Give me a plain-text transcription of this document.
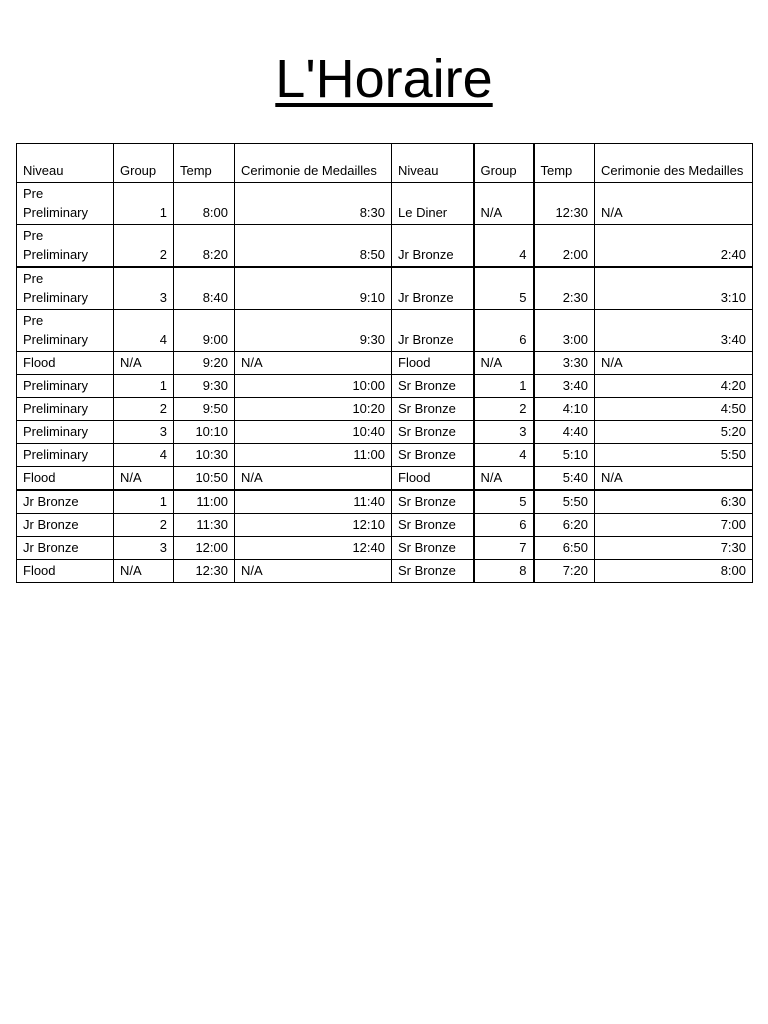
L'Horaire
Niveau	Group	Temp	Cerimonie de Medailles	Niveau	Group	Temp	Cerimonie des Medailles
Pre Preliminary	1	8:00	8:30	Le Diner	N/A	12:30	N/A
Pre Preliminary	2	8:20	8:50	Jr Bronze	4	2:00	2:40
Pre Preliminary	3	8:40	9:10	Jr Bronze	5	2:30	3:10
Pre Preliminary	4	9:00	9:30	Jr Bronze	6	3:00	3:40
Flood	N/A	9:20	N/A	Flood	N/A	3:30	N/A
Preliminary	1	9:30	10:00	Sr Bronze	1	3:40	4:20
Preliminary	2	9:50	10:20	Sr Bronze	2	4:10	4:50
Preliminary	3	10:10	10:40	Sr Bronze	3	4:40	5:20
Preliminary	4	10:30	11:00	Sr Bronze	4	5:10	5:50
Flood	N/A	10:50	N/A	Flood	N/A	5:40	N/A
Jr Bronze	1	11:00	11:40	Sr Bronze	5	5:50	6:30
Jr Bronze	2	11:30	12:10	Sr Bronze	6	6:20	7:00
Jr Bronze	3	12:00	12:40	Sr Bronze	7	6:50	7:30
Flood	N/A	12:30	N/A	Sr Bronze	8	7:20	8:00
